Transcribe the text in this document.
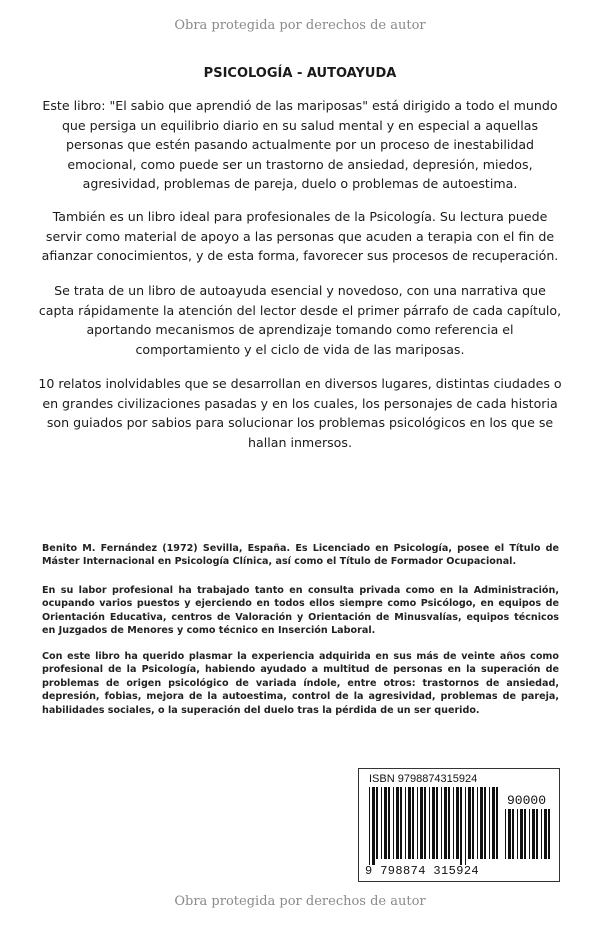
Obra protegida por derechos de autor
PSICOLOGÍA - AUTOAYUDA
Este libro: "El sabio que aprendió de las mariposas" está dirigido a todo el mundo que persiga un equilibrio diario en su salud mental y en especial a aquellas personas que estén pasando actualmente por un proceso de inestabilidad emocional, como puede ser un trastorno de ansiedad, depresión, miedos, agresividad, problemas de pareja, duelo o problemas de autoestima.
También es un libro ideal para profesionales de la Psicología. Su lectura puede servir como material de apoyo a las personas que acuden a terapia con el fin de afianzar conocimientos, y de esta forma, favorecer sus procesos de recuperación.
Se trata de un libro de autoayuda esencial y novedoso, con una narrativa que capta rápidamente la atención del lector desde el primer párrafo de cada capítulo, aportando mecanismos de aprendizaje tomando como referencia el comportamiento y el ciclo de vida de las mariposas.
10 relatos inolvidables que se desarrollan en diversos lugares, distintas ciudades o en grandes civilizaciones pasadas y en los cuales, los personajes de cada historia son guiados por sabios para solucionar los problemas psicológicos en los que se hallan inmersos.
Benito M. Fernández (1972) Sevilla, España. Es Licenciado en Psicología, posee el Título de Máster Internacional en Psicología Clínica, así como el Título de Formador Ocupacional.
En su labor profesional ha trabajado tanto en consulta privada como en la Administración, ocupando varios puestos y ejerciendo en todos ellos siempre como Psicólogo, en equipos de Orientación Educativa, centros de Valoración y Orientación de Minusvalías, equipos técnicos en Juzgados de Menores y como técnico en Inserción Laboral.
Con este libro ha querido plasmar la experiencia adquirida en sus más de veinte años como profesional de la Psicología, habiendo ayudado a multitud de personas en la superación de problemas de origen psicológico de variada índole, entre otros: trastornos de ansiedad, depresión, fobias, mejora de la autoestima, control de la agresividad, problemas de pareja, habilidades sociales, o la superación del duelo tras la pérdida de un ser querido.
ISBN 9798874315924
90000
9 798874 315924
Obra protegida por derechos de autor
